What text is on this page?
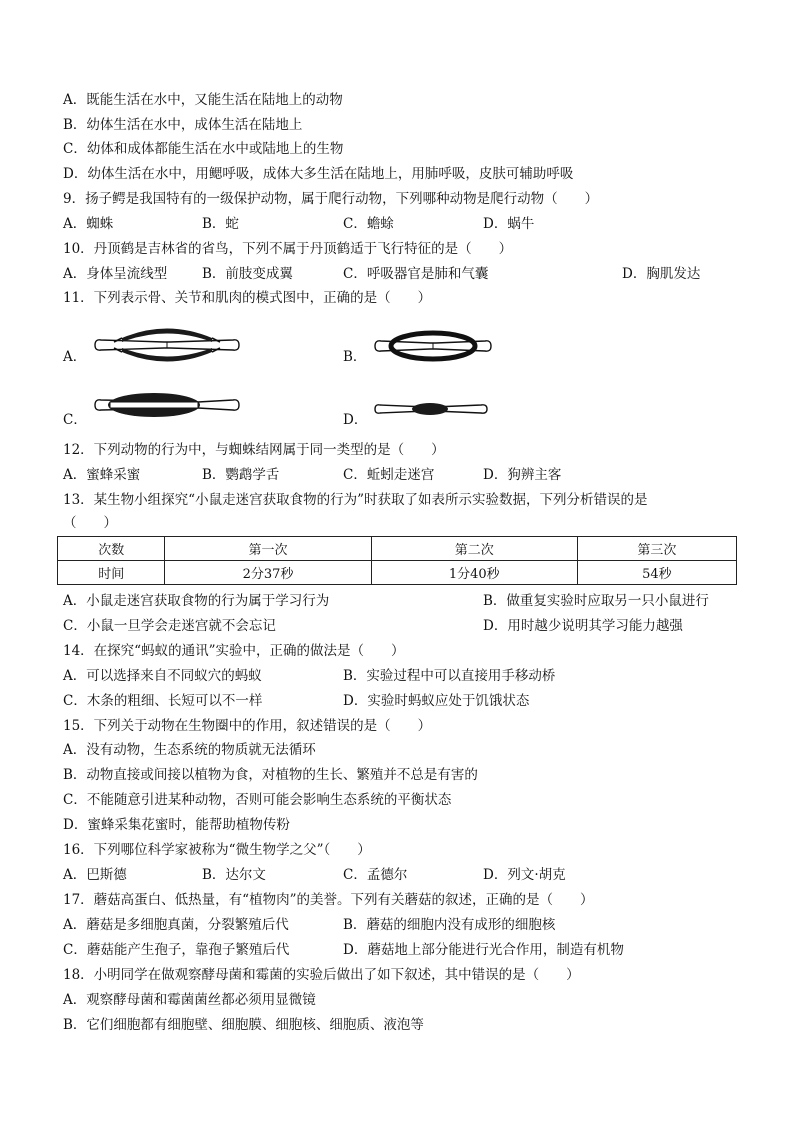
A．既能生活在水中，又能生活在陆地上的动物
B．幼体生活在水中，成体生活在陆地上
C．幼体和成体都能生活在水中或陆地上的生物
D．幼体生活在水中，用鳃呼吸，成体大多生活在陆地上，用肺呼吸，皮肤可辅助呼吸
9．扬子鳄是我国特有的一级保护动物，属于爬行动物，下列哪种动物是爬行动物（　　）
A．蜘蛛	B．蛇	C．蟾蜍	D．蜗牛
10．丹顶鹤是吉林省的省鸟，下列不属于丹顶鹤适于飞行特征的是（　　）
A．身体呈流线型	B．前肢变成翼	C．呼吸器官是肺和气囊	D．胸肌发达
11．下列表示骨、关节和肌肉的模式图中，正确的是（　　）
A．	B．
C．	D．
12．下列动物的行为中，与蜘蛛结网属于同一类型的是（　　）
A．蜜蜂采蜜	B．鹦鹉学舌	C．蚯蚓走迷宫	D．狗辨主客
13．某生物小组探究“小鼠走迷宫获取食物的行为”时获取了如表所示实验数据，下列分析错误的是
（　　）
次数	第一次	第二次	第三次
时间	2分37秒	1分40秒	54秒
A．小鼠走迷宫获取食物的行为属于学习行为	B．做重复实验时应取另一只小鼠进行
C．小鼠一旦学会走迷宫就不会忘记	D．用时越少说明其学习能力越强
14．在探究“蚂蚁的通讯”实验中，正确的做法是（　　）
A．可以选择来自不同蚁穴的蚂蚁	B．实验过程中可以直接用手移动桥
C．木条的粗细、长短可以不一样	D．实验时蚂蚁应处于饥饿状态
15．下列关于动物在生物圈中的作用，叙述错误的是（　　）
A．没有动物，生态系统的物质就无法循环
B．动物直接或间接以植物为食，对植物的生长、繁殖并不总是有害的
C．不能随意引进某种动物，否则可能会影响生态系统的平衡状态
D．蜜蜂采集花蜜时，能帮助植物传粉
16．下列哪位科学家被称为“微生物学之父”（　　）
A．巴斯德	B．达尔文	C．孟德尔	D．列文·胡克
17．蘑菇高蛋白、低热量，有“植物肉”的美誉。下列有关蘑菇的叙述，正确的是（　　）
A．蘑菇是多细胞真菌，分裂繁殖后代	B．蘑菇的细胞内没有成形的细胞核
C．蘑菇能产生孢子，靠孢子繁殖后代	D．蘑菇地上部分能进行光合作用，制造有机物
18．小明同学在做观察酵母菌和霉菌的实验后做出了如下叙述，其中错误的是（　　）
A．观察酵母菌和霉菌菌丝都必须用显微镜
B．它们细胞都有细胞壁、细胞膜、细胞核、细胞质、液泡等
